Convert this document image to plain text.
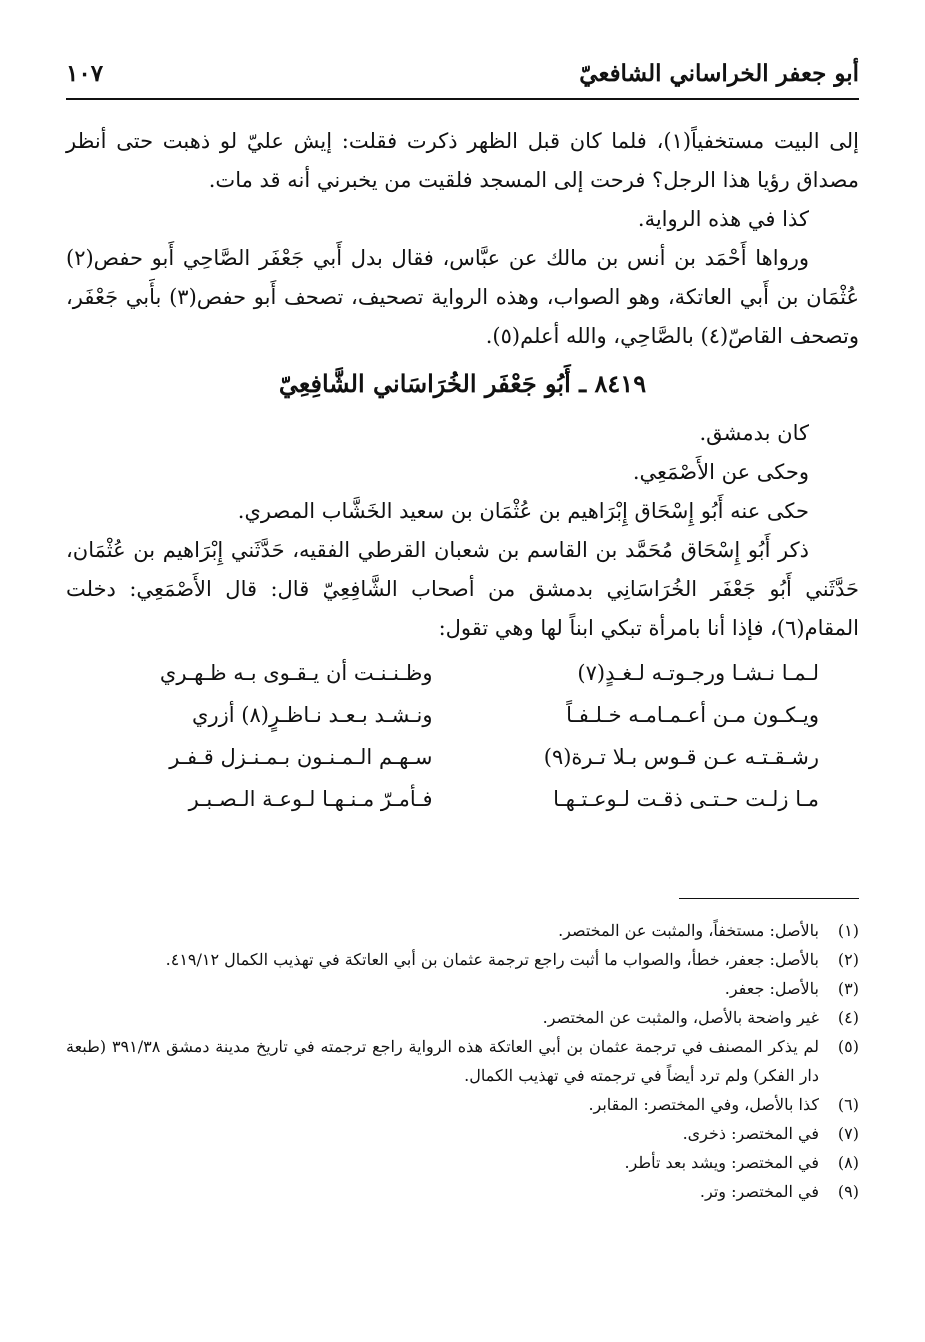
أبو جعفر الخراساني الشافعيّ
١٠٧

إلى البيت مستخفياً(١)، فلما كان قبل الظهر ذكرت فقلت: إيش عليّ لو ذهبت حتى أنظر مصداق رؤيا هذا الرجل؟ فرحت إلى المسجد فلقيت من يخبرني أنه قد مات.

كذا في هذه الرواية.

ورواها أَحْمَد بن أنس بن مالك عن عبَّاس، فقال بدل أَبي جَعْفَر الصَّاحِي أَبو حفص(٢) عُثْمَان بن أَبي العاتكة، وهو الصواب، وهذه الرواية تصحيف، تصحف أَبو حفص(٣) بأَبي جَعْفَر، وتصحف القاصّ(٤) بالصَّاحِي، والله أعلم(٥).

٨٤١٩ ـ أَبُو جَعْفَر الخُرَاسَاني الشَّافِعِيّ

كان بدمشق.

وحكى عن الأَصْمَعِي.

حكى عنه أَبُو إِسْحَاق إِبْرَاهيم بن عُثْمَان بن سعيد الخَشَّاب المصري.

ذكر أَبُو إِسْحَاق مُحَمَّد بن القاسم بن شعبان القرطي الفقيه، حَدَّثَني إِبْرَاهيم بن عُثْمَان، حَدَّثَني أَبُو جَعْفَر الخُرَاسَانِي بدمشق من أصحاب الشَّافِعِيّ قال: قال الأَصْمَعِي: دخلت المقام(٦)، فإذا أنا بامرأة تبكي ابناً لها وهي تقول:

لـمـا نـشـا ورجـوتـه لـغـدٍ(٧)
وظـنـنـت أن يـقـوى بـه ظـهـري
ويـكـون مـن أعـمـامـه خـلـفـاً
ونـشـد بـعـد نـاظـرٍ(٨) أزري
رشـقـتـه عـن قـوس بـلا تـرة(٩)
سـهـم الـمـنـون بـمـنـزل قـفـر
مـا زلـت حـتـى ذقـت لـوعـتـهـا
فـأمـرّ مـنـهـا لـوعـة الـصـبـر
(١)
بالأصل: مستخفاً، والمثبت عن المختصر.
(٢)
بالأصل: جعفر، خطأ، والصواب ما أثبت راجع ترجمة عثمان بن أبي العاتكة في تهذيب الكمال ٤١٩/١٢.
(٣)
بالأصل: جعفر.
(٤)
غير واضحة بالأصل، والمثبت عن المختصر.
(٥)
لم يذكر المصنف في ترجمة عثمان بن أبي العاتكة هذه الرواية راجع ترجمته في تاريخ مدينة دمشق ٣٩١/٣٨ (طبعة دار الفكر) ولم ترد أيضاً في ترجمته في تهذيب الكمال.
(٦)
كذا بالأصل، وفي المختصر: المقابر.
(٧)
في المختصر: ذخرى.
(٨)
في المختصر: ويشد بعد تأطر.
(٩)
في المختصر: وتر.
